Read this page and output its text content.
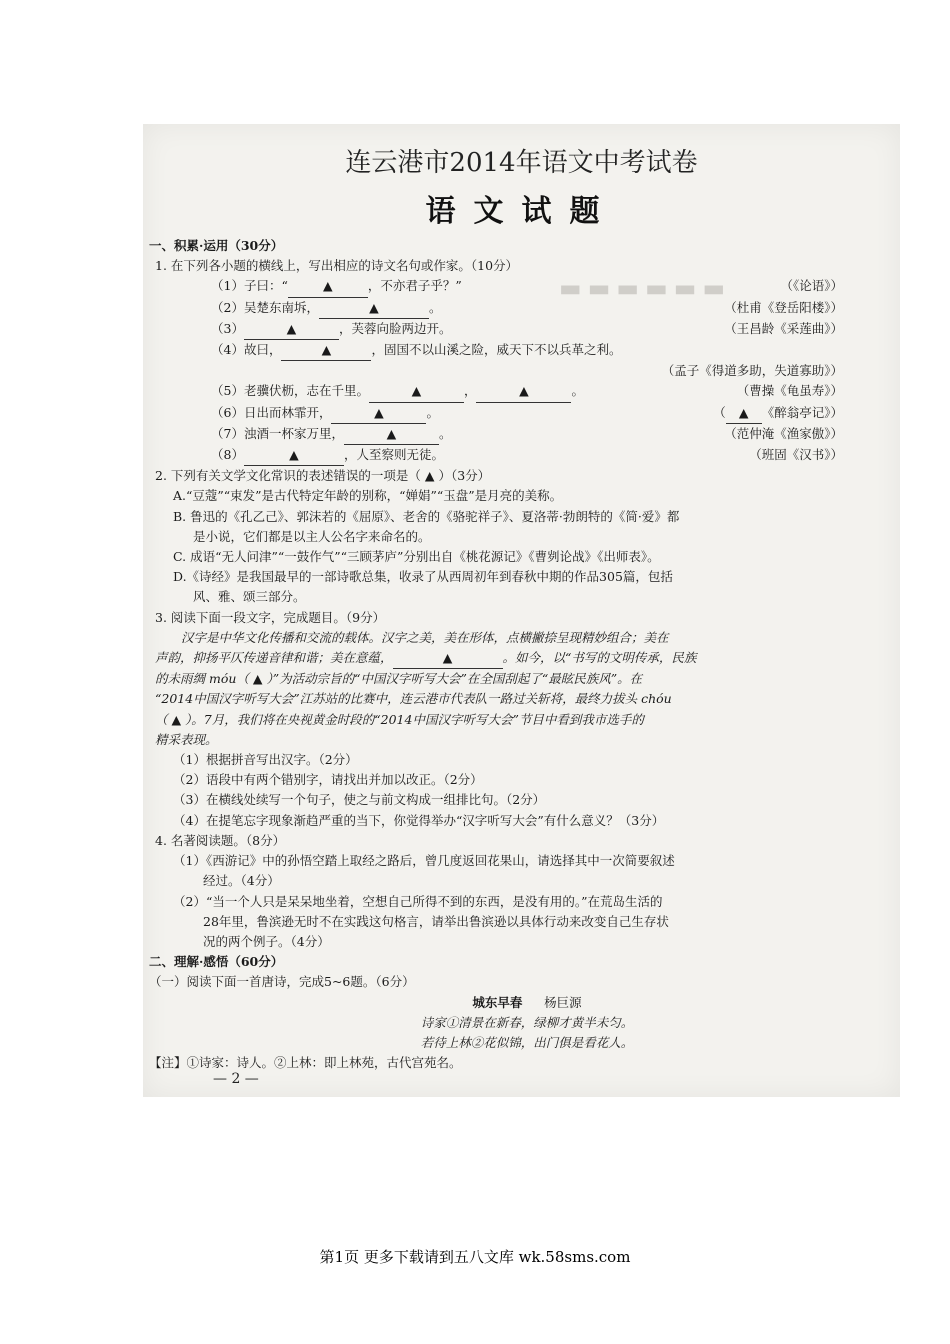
▬▬▬▬▬▬
连云港市2014年语文中考试卷
语文试题
一、积累·运用（30分）
1. 在下列各小题的横线上，写出相应的诗文名句或作家。（10分）
（1）子曰：“	▲	，不亦君子乎？”	（《论语》）
（2）吴楚东南坼，	▲	。	（杜甫《登岳阳楼》）
（3）	▲	，芙蓉向脸两边开。	（王昌龄《采莲曲》）
（4）故曰，	▲	，固国不以山溪之险，威天下不以兵革之利。
（孟子《得道多助，失道寡助》）
（5）老骥伏枥，志在千里。	▲	，	▲	。	（曹操《龟虽寿》）
（6）日出而林霏开，	▲	。	（ ▲ 《醉翁亭记》）
（7）浊酒一杯家万里，	▲	。	（范仲淹《渔家傲》）
（8）	▲	，人至察则无徒。	（班固《汉书》）
2. 下列有关文学文化常识的表述错误的一项是（ ▲ ）（3分）
A.“豆蔻”“束发”是古代特定年龄的别称，“婵娟”“玉盘”是月亮的美称。
B. 鲁迅的《孔乙己》、郭沫若的《屈原》、老舍的《骆驼祥子》、夏洛蒂·勃朗特的《简·爱》都
是小说，它们都是以主人公名字来命名的。
C. 成语“无人问津”“一鼓作气”“三顾茅庐”分别出自《桃花源记》《曹刿论战》《出师表》。
D.《诗经》是我国最早的一部诗歌总集，收录了从西周初年到春秋中期的作品305篇，包括
风、雅、颂三部分。
3. 阅读下面一段文字，完成题目。（9分）
汉字是中华文化传播和交流的载体。汉字之美，美在形体，点横撇捺呈现精妙组合；美在
声韵，抑扬平仄传递音律和谐；美在意蕴，	▲	。如今，以“书写的文明传承，民族
的未雨绸 móu（ ▲ ）”为活动宗旨的“中国汉字听写大会”在全国刮起了“最眩民族风”。在
“2014中国汉字听写大会”江苏站的比赛中，连云港市代表队一路过关斩将，最终力拔头 chóu
（ ▲ ）。7月，我们将在央视黄金时段的“2014中国汉字听写大会”节目中看到我市选手的
精采表现。
（1）根据拼音写出汉字。（2分）
（2）语段中有两个错别字，请找出并加以改正。（2分）
（3）在横线处续写一个句子，使之与前文构成一组排比句。（2分）
（4）在提笔忘字现象渐趋严重的当下，你觉得举办“汉字听写大会”有什么意义？（3分）
4. 名著阅读题。（8分）
（1）《西游记》中的孙悟空踏上取经之路后，曾几度返回花果山，请选择其中一次简要叙述
经过。（4分）
（2）“当一个人只是呆呆地坐着，空想自己所得不到的东西，是没有用的。”在荒岛生活的
28年里，鲁滨逊无时不在实践这句格言，请举出鲁滨逊以具体行动来改变自己生存状
况的两个例子。（4分）
二、理解·感悟（60分）
（一）阅读下面一首唐诗，完成5~6题。（6分）
城东早春 杨巨源
诗家①清景在新春，绿柳才黄半未匀。
若待上林②花似锦，出门俱是看花人。
【注】①诗家：诗人。②上林：即上林苑，古代宫苑名。
— 2 —
第1页 更多下载请到五八文库 wk.58sms.com
